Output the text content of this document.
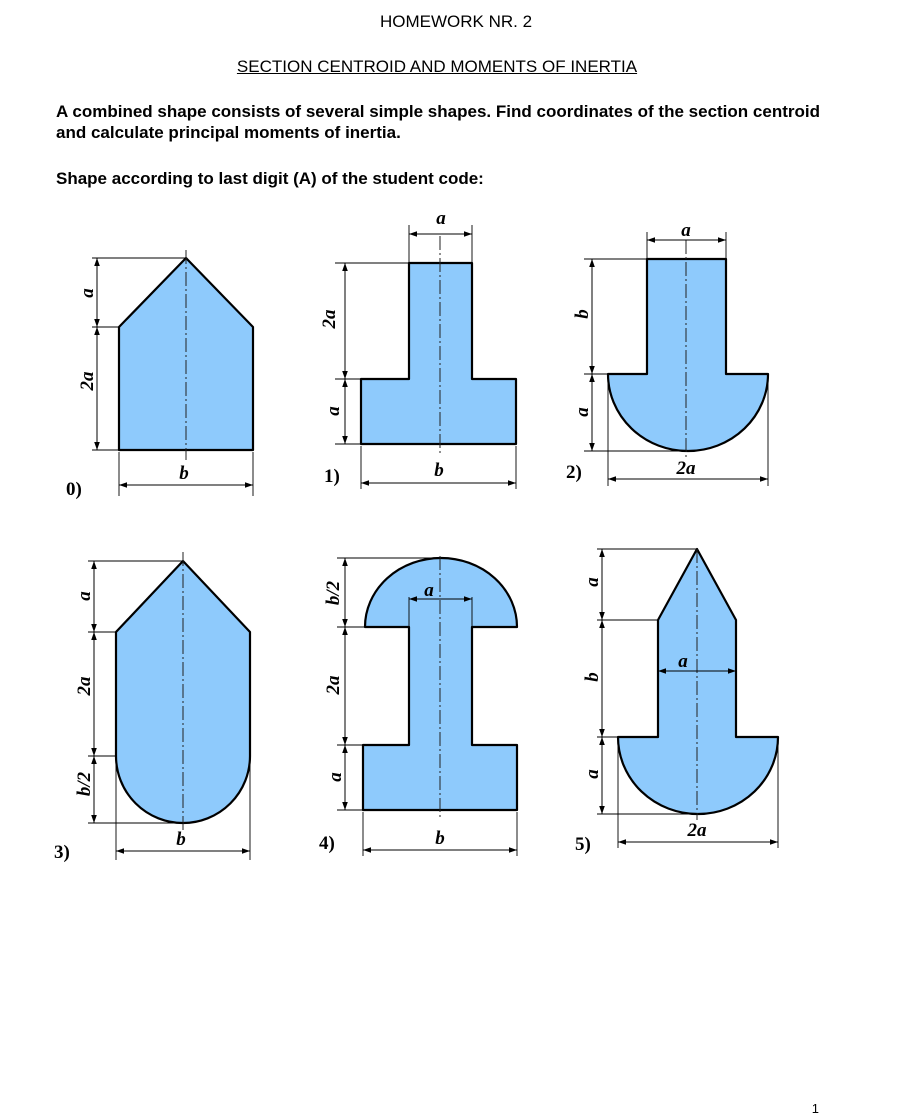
HOMEWORK NR. 2
SECTION CENTROID AND MOMENTS OF INERTIA

A combined shape consists of several simple shapes. Find coordinates of the section centroid and calculate principal moments of inertia.

Shape according to last digit (A) of the student code:

a
2a
b
0)
a
2a
a
b
1)
a
b
a
2a
2)
a
2a
b/2
b
3)
a
b/2
2a
a
b
4)
a
a
b
a
2a
5)

1
